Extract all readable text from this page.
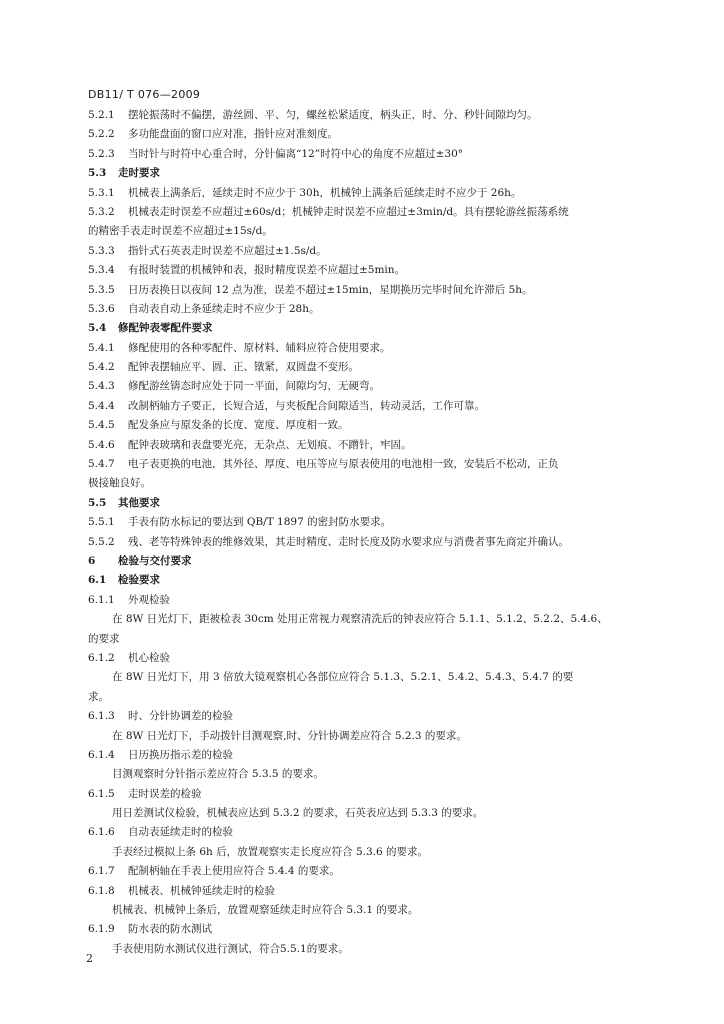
DB11/ T 076—2009
5.2.1 摆轮振荡时不偏摆，游丝圆、平、匀，螺丝松紧适度，柄头正，时、分、秒针间隙均匀。
5.2.2 多功能盘面的窗口应对准，指针应对准刻度。
5.2.3 当时针与时符中心重合时，分针偏离“12”时符中心的角度不应超过±30°
5.3 走时要求
5.3.1 机械表上满条后，延续走时不应少于 30h，机械钟上满条后延续走时不应少于 26h。
5.3.2 机械表走时误差不应超过±60s/d；机械钟走时误差不应超过±3min/d。具有摆轮游丝振荡系统
的精密手表走时误差不应超过±15s/d。
5.3.3 指针式石英表走时误差不应超过±1.5s/d。
5.3.4 有报时装置的机械钟和表，报时精度误差不应超过±5min。
5.3.5 日历表换日以夜间 12 点为准，误差不超过±15min，星期换历完毕时间允许滞后 5h。
5.3.6 自动表自动上条延续走时不应少于 28h。
5.4 修配钟表零配件要求
5.4.1 修配使用的各种零配件、原材料、辅料应符合使用要求。
5.4.2 配钟表摆轴应平、圆、正、镦紧，双圆盘不变形。
5.4.3 修配游丝锛态时应处于同一平面，间隙均匀，无硬弯。
5.4.4 改制柄轴方子要正，长短合适，与夹板配合间隙适当，转动灵活，工作可靠。
5.4.5 配发条应与原发条的长度、宽度、厚度相一致。
5.4.6 配钟表玻璃和表盘要光亮，无杂点、无划痕、不蹭针，牢固。
5.4.7 电子表更换的电池，其外径、厚度、电压等应与原表使用的电池相一致，安装后不松动，正负
极接触良好。
5.5 其他要求
5.5.1 手表有防水标记的要达到 QB/T 1897 的密封防水要求。
5.5.2 残、老等特殊钟表的维修效果，其走时精度、走时长度及防水要求应与消费者事先商定并确认。
6 检验与交付要求
6.1 检验要求
6.1.1 外观检验
在 8W 日光灯下，距被检表 30cm 处用正常视力观察清洗后的钟表应符合 5.1.1、5.1.2、5.2.2、5.4.6、
的要求
6.1.2 机心检验
在 8W 日光灯下，用 3 倍放大镜观察机心各部位应符合 5.1.3、5.2.1、5.4.2、5.4.3、5.4.7 的要
求。
6.1.3 时、分针协调差的检验
在 8W 日光灯下，手动拨针目测观察,时、分针协调差应符合 5.2.3 的要求。
6.1.4 日历换历指示差的检验
目测观察时分针指示差应符合 5.3.5 的要求。
6.1.5 走时误差的检验
用日差测试仪检验，机械表应达到 5.3.2 的要求，石英表应达到 5.3.3 的要求。
6.1.6 自动表延续走时的检验
手表经过模拟上条 6h 后，放置观察实走长度应符合 5.3.6 的要求。
6.1.7 配制柄轴在手表上使用应符合 5.4.4 的要求。
6.1.8 机械表、机械钟延续走时的检验
机械表、机械钟上条后，放置观察延续走时应符合 5.3.1 的要求。
6.1.9 防水表的防水测试
手表使用防水测试仪进行测试，符合5.5.1的要求。
2
